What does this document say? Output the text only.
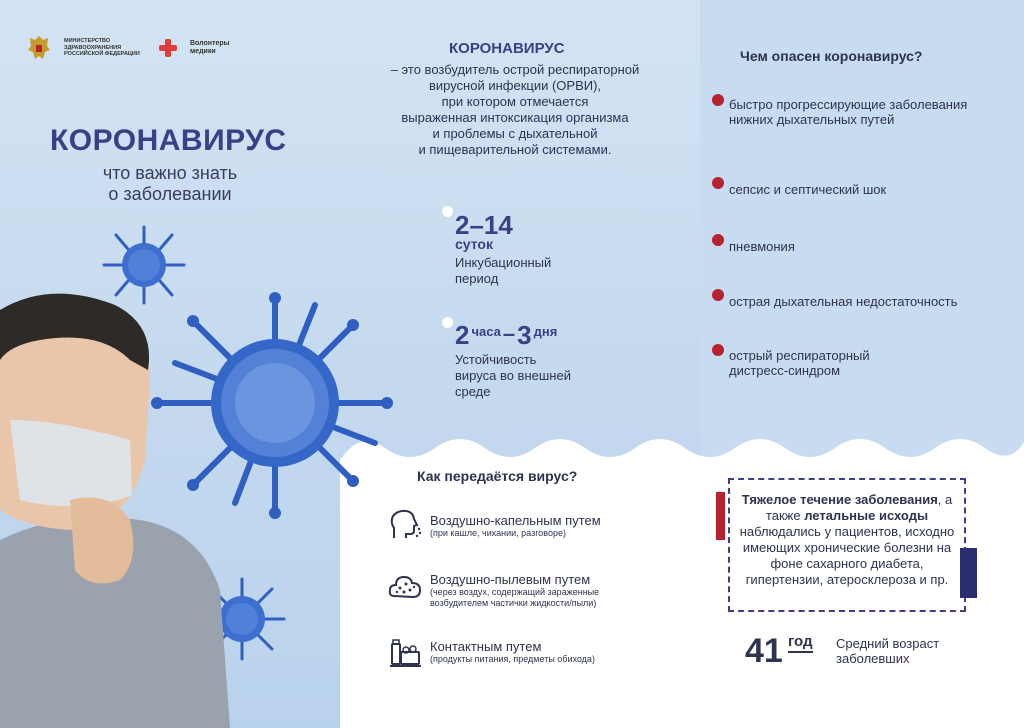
МИНИСТЕРСТВО ЗДРАВООХРАНЕНИЯ РОССИЙСКОЙ ФЕДЕРАЦИИ
Волонтеры медики
КОРОНАВИРУС
что важно знать
о заболевании
КОРОНАВИРУС
– это возбудитель острой респираторной
вирусной инфекции (ОРВИ),
при котором отмечается
выраженная интоксикация организма
и проблемы с дыхательной
и пищеварительной системами.
2–14
суток
Инкубационный
период
2 часа – 3 дня
Устойчивость
вируса во внешней
среде
Чем опасен коронавирус?
быстро прогрессирующие заболевания нижних дыхательных путей
сепсис и септический шок
пневмония
острая дыхательная недостаточность
острый респираторный дистресс-синдром
Как передаётся вирус?
Воздушно-капельным путем
(при кашле, чихании, разговоре)
Воздушно-пылевым путем
(через воздух, содержащий зараженные возбудителем частички жидкости/пыли)
Контактным путем
(продукты питания, предметы обихода)
Тяжелое течение заболевания, а также летальные исходы наблюдались у пациентов, исходно имеющих хронические болезни на фоне сахарного диабета, гипертензии, атеросклероза и пр.
41 год Средний возраст
заболевших
